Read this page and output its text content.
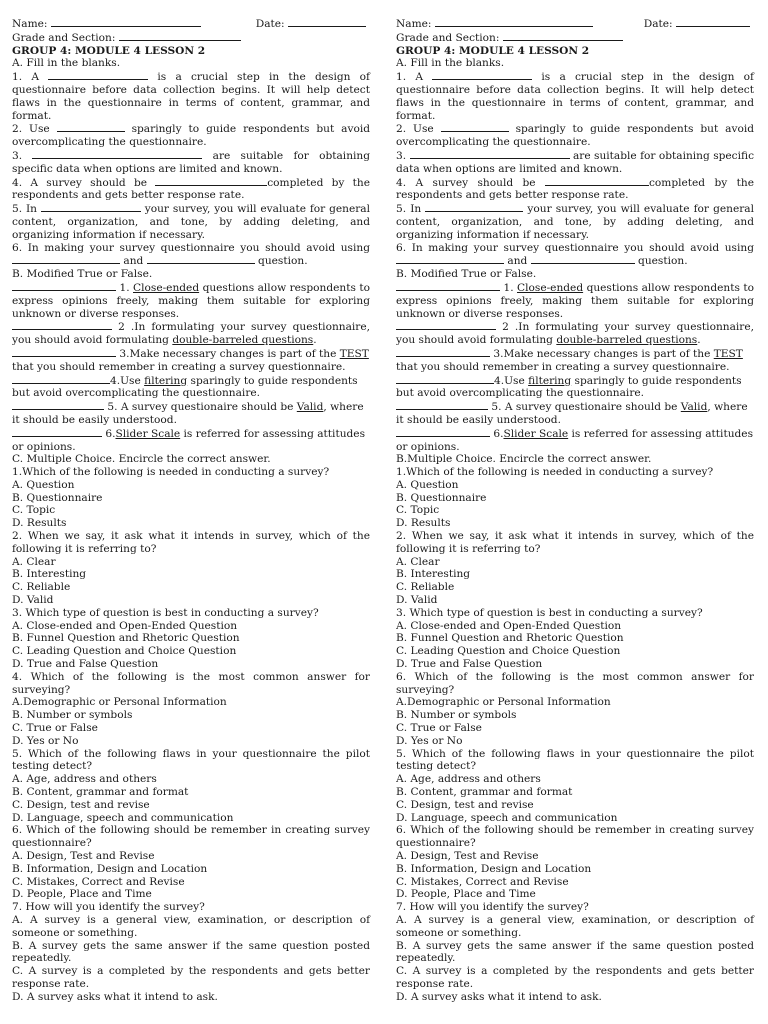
Name:	Date:
Grade and Section:
GROUP 4: MODULE 4 LESSON 2
A. Fill in the blanks.

1. A	is a crucial step in the design of questionnaire before data collection begins. It will help detect flaws in the questionnaire in terms of content, grammar, and format.

2. Use	sparingly to guide respondents but avoid overcomplicating the questionnaire.

3.	are suitable for obtaining specific data when options are limited and known.

4. A survey should be	completed by the respondents and gets better response rate.

5. In	your survey, you will evaluate for general content, organization, and tone, by adding deleting, and organizing information if necessary.

6. In making your survey questionnaire you should avoid using  and	question.

B. Modified True or False.

1. Close-ended questions allow respondents to express opinions freely, making them suitable for exploring unknown or diverse responses.

2 .In formulating your survey questionnaire, you should avoid formulating double-barreled questions.

3.Make necessary changes is part of the TEST that you should remember in creating a survey questionnaire.

4.Use filtering sparingly to guide respondents but avoid overcomplicating the questionnaire.

5. A survey questionaire should be Valid, where it should be easily understood.

6.Slider Scale is referred for assessing attitudes or opinions.

C. Multiple Choice. Encircle the correct answer.
1.Which of the following is needed in conducting a survey?
A. Question
B. Questionnaire
C. Topic
D. Results

2. When we say, it ask what it intends in survey, which of the following it is referring to?

A. Clear
B. Interesting
C. Reliable
D. Valid
3. Which type of question is best in conducting a survey?
A. Close-ended and Open-Ended Question
B. Funnel Question and Rhetoric Question
C. Leading Question and Choice Question
D. True and False Question

4. Which of the following is the most common answer for surveying?

A.Demographic or Personal Information
B. Number or symbols
C. True or False
D. Yes or No

5. Which of the following flaws in your questionnaire the pilot testing detect?

A. Age, address and others
B. Content, grammar and format
C. Design, test and revise
D. Language, speech and communication

6. Which of the following should be remember in creating survey questionnaire?

A. Design, Test and Revise
B. Information, Design and Location
C. Mistakes, Correct and Revise
D. People, Place and Time
7. How will you identify the survey?

A. A survey is a general view, examination, or description of someone or something.

B. A survey gets the same answer if the same question posted repeatedly.

C. A survey is a completed by the respondents and gets better response rate.

D. A survey asks what it intend to ask.
Name:	Date:
Grade and Section:
GROUP 4: MODULE 4 LESSON 2
A. Fill in the blanks.

1. A	is a crucial step in the design of questionnaire before data collection begins. It will help detect flaws in the questionnaire in terms of content, grammar, and format.

2. Use	sparingly to guide respondents but avoid overcomplicating the questionnaire.

3.	are suitable for obtaining specific data when options are limited and known.

4. A survey should be	completed by the respondents and gets better response rate.

5. In	your survey, you will evaluate for general content, organization, and tone, by adding deleting, and organizing information if necessary.

6. In making your survey questionnaire you should avoid using  and	question.

B. Modified True or False.

1. Close-ended questions allow respondents to express opinions freely, making them suitable for exploring unknown or diverse responses.

2 .In formulating your survey questionnaire, you should avoid formulating double-barreled questions.

3.Make necessary changes is part of the TEST that you should remember in creating a survey questionnaire.

4.Use filtering sparingly to guide respondents but avoid overcomplicating the questionnaire.

5. A survey questionaire should be Valid, where it should be easily understood.

6.Slider Scale is referred for assessing attitudes or opinions.

B.Multiple Choice. Encircle the correct answer.
1.Which of the following is needed in conducting a survey?
A. Question
B. Questionnaire
C. Topic
D. Results

2. When we say, it ask what it intends in survey, which of the following it is referring to?

A. Clear
B. Interesting
C. Reliable
D. Valid
3. Which type of question is best in conducting a survey?
A. Close-ended and Open-Ended Question
B. Funnel Question and Rhetoric Question
C. Leading Question and Choice Question
D. True and False Question

6. Which of the following is the most common answer for surveying?

A.Demographic or Personal Information
B. Number or symbols
C. True or False
D. Yes or No

5. Which of the following flaws in your questionnaire the pilot testing detect?

A. Age, address and others
B. Content, grammar and format
C. Design, test and revise
D. Language, speech and communication

6. Which of the following should be remember in creating survey questionnaire?

A. Design, Test and Revise
B. Information, Design and Location
C. Mistakes, Correct and Revise
D. People, Place and Time
7. How will you identify the survey?

A. A survey is a general view, examination, or description of someone or something.

B. A survey gets the same answer if the same question posted repeatedly.

C. A survey is a completed by the respondents and gets better response rate.

D. A survey asks what it intend to ask.
